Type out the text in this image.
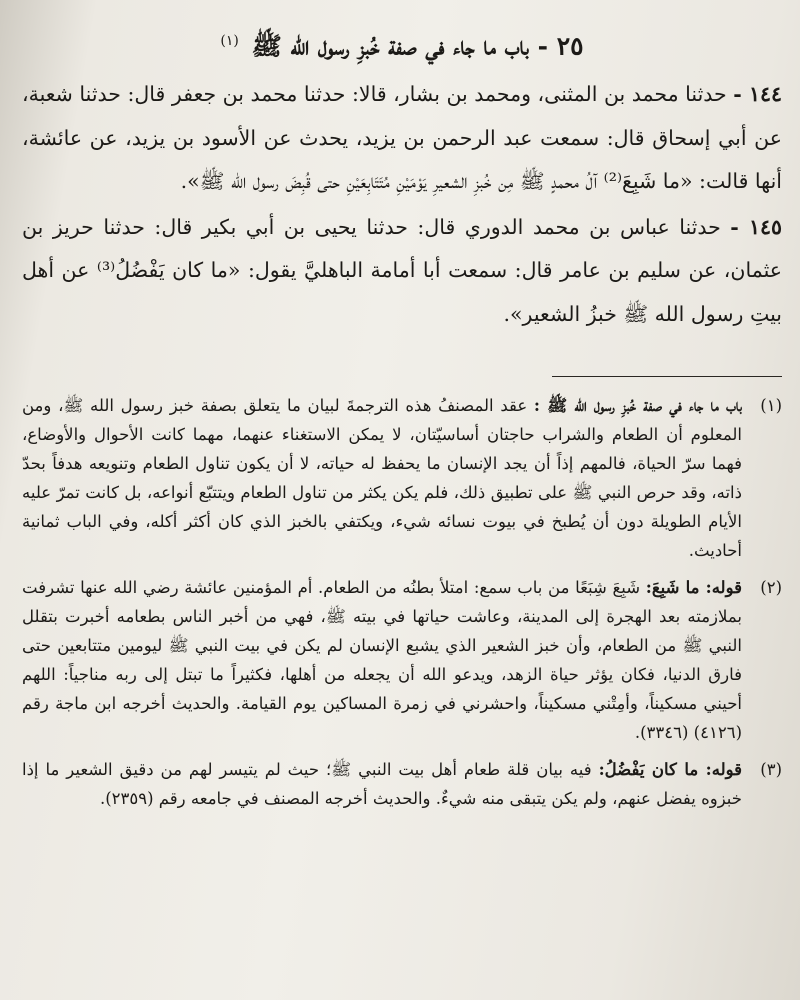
٢٥ - باب ما جاء في صفة خُبزِ رسول الله ﷺ $^{(١)}$

١٤٤ - حدثنا محمد بن المثنى، ومحمد بن بشار، قالا: حدثنا محمد بن جعفر قال: حدثنا شعبة، عن أبي إسحاق قال: سمعت عبد الرحمن بن يزيد، يحدث عن الأسود بن يزيد، عن عائشة، أنها قالت: «ما شَبِعَ⁽²⁾ آلُ محمدٍ ﷺ مِن خُبزِ الشعيرِ يَوْمَيْنِ مُتَتَابِعَيْنِ حتى قُبِضَ رسول الله ﷺ».

١٤٥ - حدثنا عباس بن محمد الدوري قال: حدثنا يحيى بن أبي بكير قال: حدثنا حريز بن عثمان، عن سليم بن عامر قال: سمعت أبا أمامة الباهليَّ يقول: «ما كان يَفْضُلُ⁽³⁾ عن أهل بيتِ رسول الله ﷺ خبزُ الشعير».

(١)

باب ما جاء في صفة خُبزِ رسول الله ﷺ : عقد المصنفُ هذه الترجمةَ لبيان ما يتعلق بصفة خبز رسول الله ﷺ، ومن المعلوم أن الطعام والشراب حاجتان أساسيّتان، لا يمكن الاستغناء عنهما، مهما كانت الأحوال والأوضاع، فهما سرّ الحياة، فالمهم إذاً أن يجد الإنسان ما يحفظ له حياته، لا أن يكون تناول الطعام وتنويعه هدفاً بحدّ ذاته، وقد حرص النبي ﷺ على تطبيق ذلك، فلم يكن يكثر من تناول الطعام ويتتبّع أنواعه، بل كانت تمرّ عليه الأيام الطويلة دون أن يُطبخ في بيوت نسائه شيء، ويكتفي بالخبز الذي كان أكثر أكله، وفي الباب ثمانية أحاديث.

(٢)

قوله: ما شَبِعَ: شَبِعَ شِبَعًا من باب سمع: امتلأ بطنُه من الطعام. أم المؤمنين عائشة رضي الله عنها تشرفت بملازمته بعد الهجرة إلى المدينة، وعاشت حياتها في بيته ﷺ، فهي من أخبر الناس بطعامه أخبرت بتقلل النبي ﷺ من الطعام، وأن خبز الشعير الذي يشبع الإنسان لم يكن في بيت النبي ﷺ ليومين متتابعين حتى فارق الدنيا، فكان يؤثر حياة الزهد، ويدعو الله أن يجعله من أهلها، فكثيراً ما تبتل إلى ربه مناجياً: اللهم أحيني مسكيناً، وأمِتْني مسكيناً، واحشرني في زمرة المساكين يوم القيامة. والحديث أخرجه ابن ماجة رقم (٤١٢٦) (٣٣٤٦).

(٣)

قوله: ما كان يَفْضُلُ: فيه بيان قلة طعام أهل بيت النبي ﷺ؛ حيث لم يتيسر لهم من دقيق الشعير ما إذا خبزوه يفضل عنهم، ولم يكن يتبقى منه شيءٌ. والحديث أخرجه المصنف في جامعه رقم (٢٣٥٩).
